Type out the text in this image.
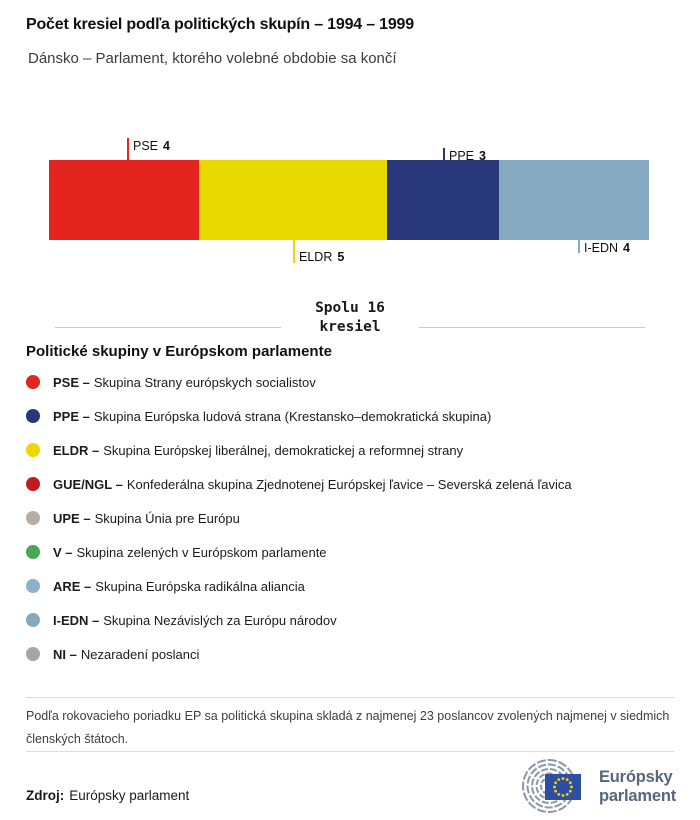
Počet kresiel podľa politických skupín – 1994 – 1999
Dánsko – Parlament, ktorého volebné obdobie sa končí
PSE 4
PPE 3
ELDR 5
I-EDN 4
Spolu 16
kresiel
Politické skupiny v Európskom parlamente
PSE – Skupina Strany európskych socialistov
PPE – Skupina Európska ludová strana (Krestansko–demokratická skupina)
ELDR – Skupina Európskej liberálnej, demokratickej a reformnej strany
GUE/NGL – Konfederálna skupina Zjednotenej Európskej ľavice – Severská zelená ľavica
UPE – Skupina Únia pre Európu
V – Skupina zelených v Európskom parlamente
ARE – Skupina Európska radikálna aliancia
I-EDN – Skupina Nezávislých za Európu národov
NI – Nezaradení poslanci
Podľa rokovacieho poriadku EP sa politická skupina skladá z najmenej 23 poslancov zvolených najmenej v siedmich členských štátoch.
Zdroj: Európsky parlament
Európsky
parlament
